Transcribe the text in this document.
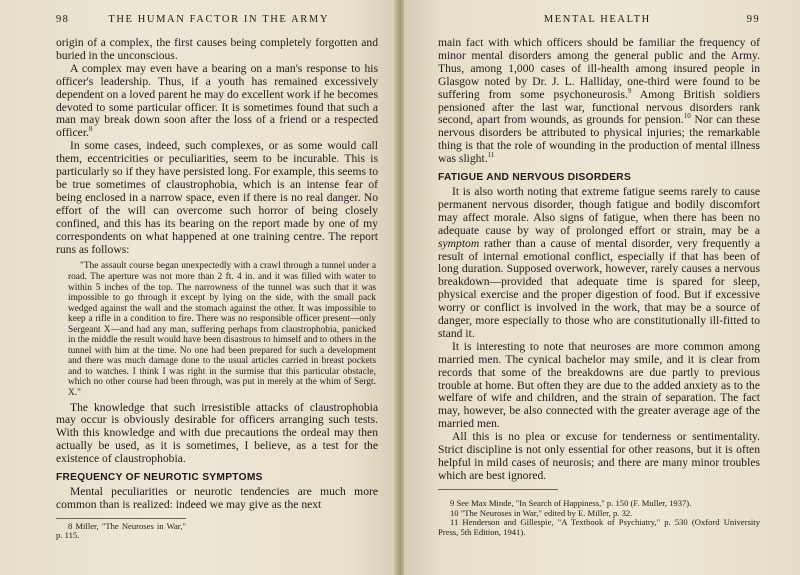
98	THE HUMAN FACTOR IN THE ARMY

origin of a complex, the first causes being completely forgotten and buried in the unconscious.

A complex may even have a bearing on a man's response to his officer's leadership. Thus, if a youth has remained excessively dependent on a loved parent he may do excellent work if he becomes devoted to some particular officer. It is sometimes found that such a man may break down soon after the loss of a friend or a respected officer.$^8$

In some cases, indeed, such complexes, or as some would call them, eccentricities or peculiarities, seem to be incurable. This is particularly so if they have persisted long. For example, this seems to be true sometimes of claustrophobia, which is an intense fear of being enclosed in a narrow space, even if there is no real danger. No effort of the will can overcome such horror of being closely confined, and this has its bearing on the report made by one of my correspondents on what happened at one training centre. The report runs as follows:

"The assault course began unexpectedly with a crawl through a tunnel under a road. The aperture was not more than 2 ft. 4 in. and it was filled with water to within 5 inches of the top. The narrowness of the tunnel was such that it was impossible to go through it except by lying on the side, with the small pack wedged against the wall and the stomach against the other. It was impossible to keep a rifle in a condition to fire. There was no responsible officer present—only Sergeant X—and had any man, suffering perhaps from claustrophobia, panicked in the middle the result would have been disastrous to himself and to others in the tunnel with him at the time. No one had been prepared for such a development and there was much damage done to the usual articles carried in breast pockets and to watches. I think I was right in the surmise that this particular obstacle, which no other course had been through, was put in merely at the whim of Sergt. X."

The knowledge that such irresistible attacks of claustrophobia may occur is obviously desirable for officers arranging such tests. With this knowledge and with due precautions the ordeal may then actually be used, as it is sometimes, I believe, as a test for the existence of claustrophobia.

FREQUENCY OF NEUROTIC SYMPTOMS

Mental peculiarities or neurotic tendencies are much more common than is realized: indeed we may give as the next

8 Miller, "The Neuroses in War," p. 115.

MENTAL HEALTH	99

main fact with which officers should be familiar the frequency of minor mental disorders among the general public and the Army. Thus, among 1,000 cases of ill-health among insured people in Glasgow noted by Dr. J. L. Halliday, one-third were found to be suffering from some psychoneurosis.$^9$ Among British soldiers pensioned after the last war, functional nervous disorders rank second, apart from wounds, as grounds for pension.$^{10}$ Nor can these nervous disorders be attributed to physical injuries; the remarkable thing is that the role of wounding in the production of mental illness was slight.$^{11}$

FATIGUE AND NERVOUS DISORDERS

It is also worth noting that extreme fatigue seems rarely to cause permanent nervous disorder, though fatigue and bodily discomfort may affect morale. Also signs of fatigue, when there has been no adequate cause by way of prolonged effort or strain, may be a symptom rather than a cause of mental disorder, very frequently a result of internal emotional conflict, especially if that has been of long duration. Supposed overwork, however, rarely causes a nervous breakdown—provided that adequate time is spared for sleep, physical exercise and the proper digestion of food. But if excessive worry or conflict is involved in the work, that may be a source of danger, more especially to those who are constitutionally ill-fitted to stand it.

It is interesting to note that neuroses are more common among married men. The cynical bachelor may smile, and it is clear from records that some of the breakdowns are due partly to previous trouble at home. But often they are due to the added anxiety as to the welfare of wife and children, and the strain of separation. The fact may, however, be also connected with the greater average age of the married men.

All this is no plea or excuse for tenderness or sentimentality. Strict discipline is not only essential for other reasons, but it is often helpful in mild cases of neurosis; and there are many minor troubles which are best ignored.

9 See Max Minde, "In Search of Happiness," p. 150 (F. Muller, 1937).

10 "The Neuroses in War," edited by E. Miller, p. 32.

11 Henderson and Gillespie, "A Textbook of Psychiatry," p. 530 (Oxford University Press, 5th Edition, 1941).
